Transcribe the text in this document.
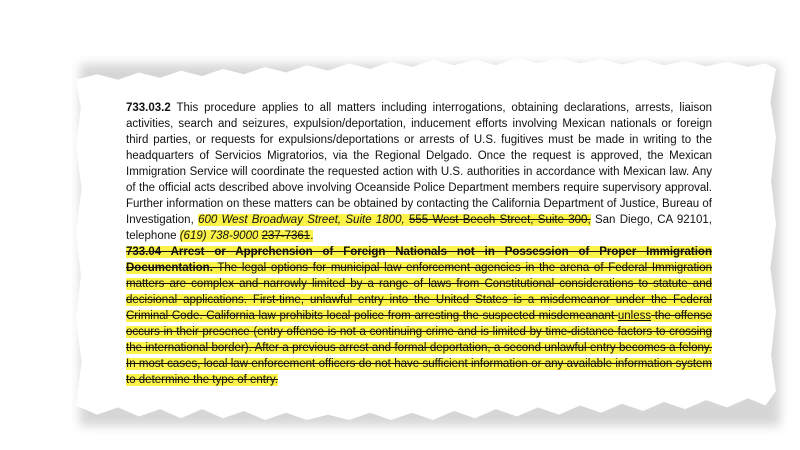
733.03.2 This procedure applies to all matters including interrogations, obtaining declarations, arrests, liaison activities, search and seizures, expulsion/deportation, inducement efforts involving Mexican nationals or foreign third parties, or requests for expulsions/deportations or arrests of U.S. fugitives must be made in writing to the headquarters of Servicios Migratorios, via the Regional Delgado. Once the request is approved, the Mexican Immigration Service will coordinate the requested action with U.S. authorities in accordance with Mexican law. Any of the official acts described above involving Oceanside Police Department members require supervisory approval. Further information on these matters can be obtained by contacting the California Department of Justice, Bureau of Investigation, 600 West Broadway Street, Suite 1800, 555 West Beech Street, Suite 300, San Diego, CA 92101, telephone (619) 738-9000 237-7361.

733.04 Arrest or Apprehension of Foreign Nationals not in Possession of Proper Immigration Documentation. The legal options for municipal law enforcement agencies in the arena of Federal Immigration matters are complex and narrowly limited by a range of laws from Constitutional considerations to statute and decisional applications. First-time, unlawful entry into the United States is a misdemeanor under the Federal Criminal Code. California law prohibits local police from arresting the suspected misdemeanant unless the offense occurs in their presence (entry offense is not a continuing crime and is limited by time-distance factors to crossing the international border). After a previous arrest and formal deportation, a second unlawful entry becomes a felony. In most cases, local law enforcement officers do not have sufficient information or any available information system to determine the type of entry.
